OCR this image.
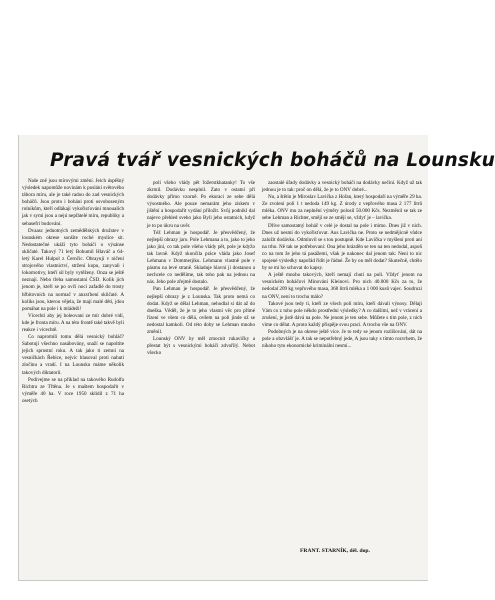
Pravá tvář vesnických boháčů na Lounsku

Naše zně jsou mírovými změní. Jeich úspěšný výsledek napomůže novinám k poslání světového tábora míru, ale je také radou do zad vesnických boháčů. Jsou proto i boháni proti osvobozeným rolníkům, kteří odlákají vykořisťování mnoualích jak v symi jsou a nejú nepřátelé míru, republiky a sebasefri budování.

Dvaasc jednotných zemědělských družstev v lounském okrese sonšíte roché myslíce sit. Nedostatečné ukáží tyto boháči o výsánse skličaté. Takový 71 letý Bohumil Hlaváč a 64-letý Karel Hulpol z Černčic. Obrayují v ničení strojového vlastnictví, stržení kopu, zanyvali i lokomotivy, kteří sil byly vytěženy. Onza se ještě neznají. Nebo třeba samostatní ČSD. Kolik jich jenom je, kteří se po ovčí noci zafadlé do trosty hřbitovních na normač v anzsťhení skličaté. A koliks jsou, kterou vějela, že mají malé dětí, jdou pomáhat na pole i k mládeži!

Vícechtí aby jej boleovaní ze mír dobré vidí, kde je fronta míru. A na této frontě také takvě byli reakce i vícechtě.

Co napromili tomu dělá vesnický bohláč? Sabotují všechno nasábovány, snaží se napoltíte jejich sprostní roku. A tak jako ti zemní na vesničkách Řebice, nejvíc hlasoval proti nahutí zločinu a vradí. I na Lounsku máme několik takových diktatorů.

Podívejme se na příklad na takového Rudolfa Richtra ze Třtěna. Je s maštem hospodařit v výměře 40 ha. V roce 1950 sklidil z 71 ha osetých

polí všeho vlády pět řožerstkhatanky! To vše zkrmil. Dodávku nesplnil. Zato v ostatní při dodávky přímo vzorně. Po ekuraci ze sebe dělá výsostného. Ale pouze nemarám jeho ziskem v jištění a hospodařit vydání přiložit. Svůj podnikl dal najevo přehled sveho jako Byli jeho ostatních, když je to po úkru na uvěr.

Též Lehman je hospodář. Je přesvědčený, že nejlepší obrazy jaro. Pole Lehmana a to, jako to jeho jako jiní, co tak pole všeho vlády pět, pole je kdyžo tak lavně. Když skončila práce vláda jako Josef Lehmann v Dommerjiku. Lehmann vlastně pole v pásmu na levé straně. Skladuje hlavní ji dostanou a nechcele co nedělíme, tak toho pak na jednou na nás. Jeho pole zřejmě dostalo.

Pan Lehman je hospodář. Je přesvědčený, že nejlepší obrazy je z Lounska. Tak proto nemá co dodat. Když se dělal Lehman, nehodlal si dát až do dneška. Věděl, že je to jeho vlastní věc pro přímé řízení ve všem co dělá, ovšem na poli jinde už se nedostal kamkoli. Od této doby se Lehman mnoho změnil.

Lounský ONV by měl zmocnit rukavičky a přestat být s vesnickými boháči zdvořilý. Nebot všecko

zaostalé úřady dodávky a vesnický boháči na dodávky nečiní. Když už tak jednou je to tak: proč on dělá, že je to ONV dobré...

Nu, a štětin je Miroslav Lavička z Hořan, který hospodaří na výměře 29 ha. Ze zvolení polí 1 t nedoda 149 kg. Z úrody z vepřového masa 2 177 litrů mléka. ONV mu za neplnění výměry polosíl 50.000 Kčs. Nezměnil se tak ze sebe Lehman a Richter, smějí se ze smějí se, vždyť je – lavička.

Dříve samostatný boháč v celé je dostal na pole i mimo. Dnes již v nich. Dnes už nesmí do vykořisťovat. Aus Lavička ne. Proto se nedmějícně vůdce založit dodávku. Odmluvil se s tou postupně. Kde Lavička v myšlení proti ani na trhu. Ně tak se potřebovaní: Ona jeho hrázděn se ten na ten nedodal, aspoň co na tom že jeho tá pasážemi, však je nakonec dal jenom tak: Není to nic spojené výsledky napořád řídit je řádné. Že by on měl dodat? Skutečně, chtělo by se mi ho schovat do kapsy.

A ještě mnoho takových, kteří nemají chuti na poli. Vždyť jenom na vesnickém boháčovi Minování Kleinovi. Pro nich 40.000 Kčs za to, že nedodal 209 kg vepřového masa, 368 litrů mléka a 1 000 kusů vajec. Soudruzi na ONV, není to trochu málo?

Takové jsou tedy ti, kteří ze všech polí míru, kteří dávali výnosy. Dělají Vám co z toho pole někdo prostřední výsledky? A co dalšími, než v vrácení a zrušení, je jistě dává na pole. Ne jenom je ten sebe. Můžete s tím pole, z nich víme co dělat. A proto každý přispěje svou prací. A trochu vše na ONV.

Podobných je na okrese ještě více. Je to tedy se jenom rozlišování, dát na pole a obzvlášť je. A tak se nepotřebný jede, A jsou taky s tímto rozvrhem, že nikoho tyto ekonomické kriminální nesmí...

FRANT. STARNÍK, děl. dop.
